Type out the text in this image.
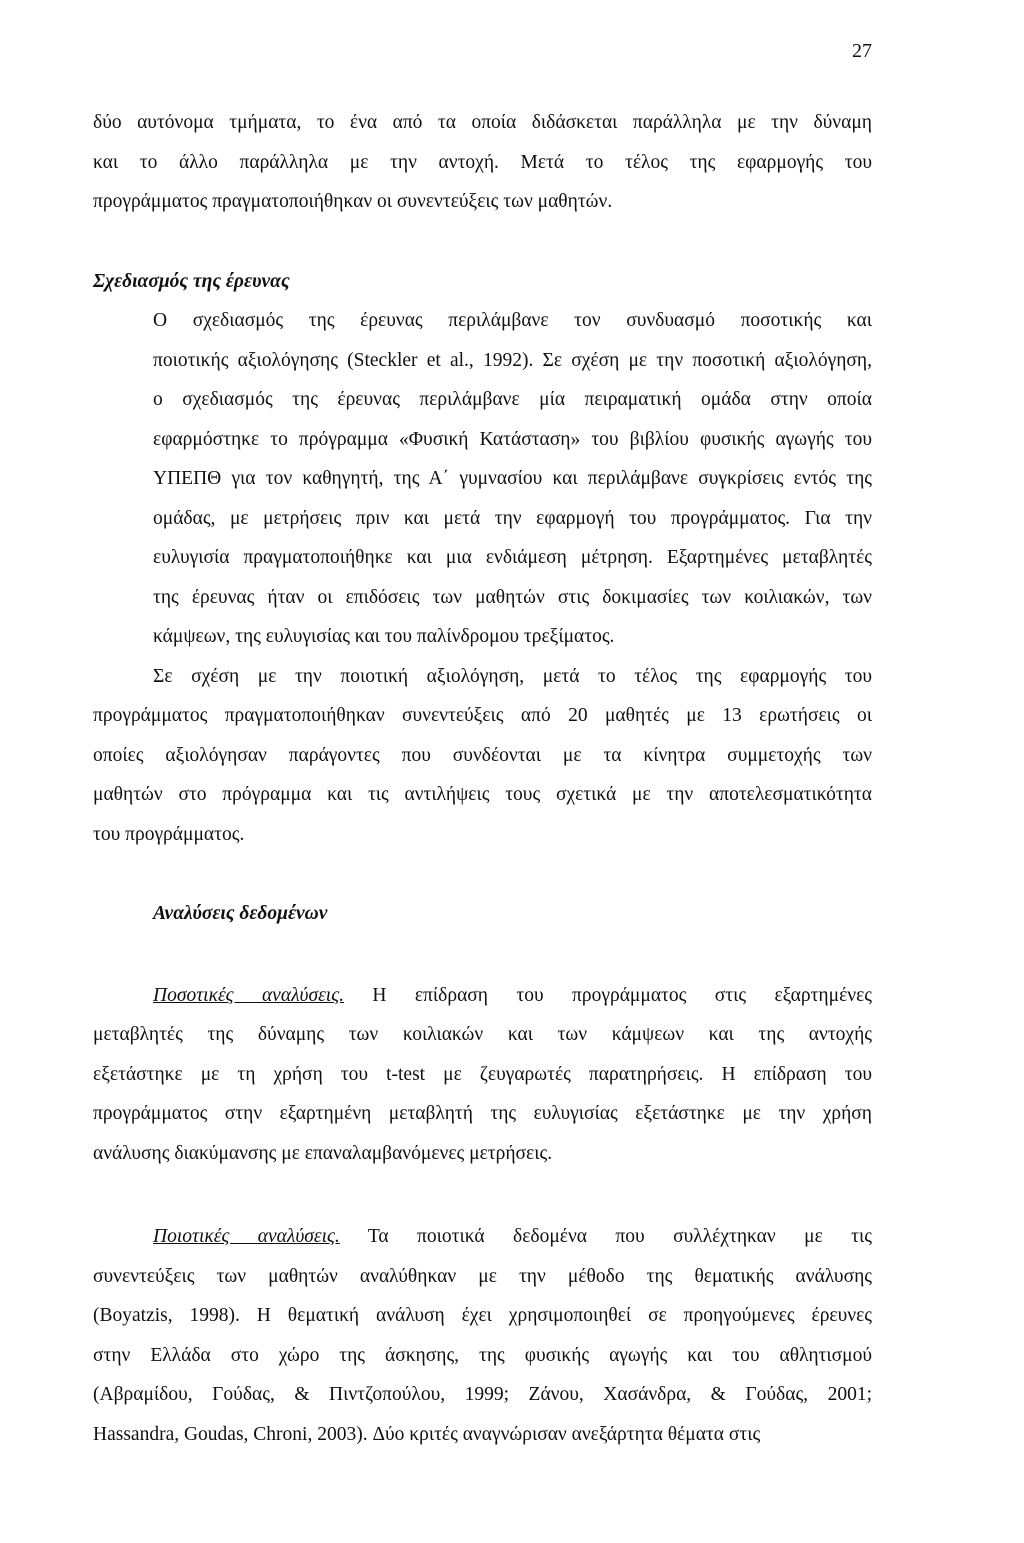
27

δύο αυτόνομα τμήματα, το ένα από τα οποία διδάσκεται παράλληλα με την δύναμη
και το άλλο παράλληλα με την αντοχή. Μετά το τέλος της εφαρμογής του
προγράμματος πραγματοποιήθηκαν οι συνεντεύξεις των μαθητών.

Σχεδιασμός της έρευνας

Ο σχεδιασμός της έρευνας περιλάμβανε τον συνδυασμό ποσοτικής και
ποιοτικής αξιολόγησης (Steckler et al., 1992). Σε σχέση με την ποσοτική αξιολόγηση,
ο σχεδιασμός της έρευνας περιλάμβανε μία πειραματική ομάδα στην οποία
εφαρμόστηκε το πρόγραμμα «Φυσική Κατάσταση» του βιβλίου φυσικής αγωγής του
ΥΠΕΠΘ για τον καθηγητή, της Α΄ γυμνασίου και περιλάμβανε συγκρίσεις εντός της
ομάδας, με μετρήσεις πριν και μετά την εφαρμογή του προγράμματος. Για την
ευλυγισία πραγματοποιήθηκε και μια ενδιάμεση μέτρηση. Εξαρτημένες μεταβλητές
της έρευνας ήταν οι επιδόσεις των μαθητών στις δοκιμασίες των κοιλιακών, των
κάμψεων, της ευλυγισίας και του παλίνδρομου τρεξίματος.

Σε σχέση με την ποιοτική αξιολόγηση, μετά το τέλος της εφαρμογής του
προγράμματος πραγματοποιήθηκαν συνεντεύξεις από 20 μαθητές με 13 ερωτήσεις οι
οποίες αξιολόγησαν παράγοντες που συνδέονται με τα κίνητρα συμμετοχής των
μαθητών στο πρόγραμμα και τις αντιλήψεις τους σχετικά με την αποτελεσματικότητα
του προγράμματος.

Αναλύσεις δεδομένων

Ποσοτικές αναλύσεις. Η επίδραση του προγράμματος στις εξαρτημένες
μεταβλητές της δύναμης των κοιλιακών και των κάμψεων και της αντοχής
εξετάστηκε με τη χρήση του t-test με ζευγαρωτές παρατηρήσεις. Η επίδραση του
προγράμματος στην εξαρτημένη μεταβλητή της ευλυγισίας εξετάστηκε με την χρήση
ανάλυσης διακύμανσης με επαναλαμβανόμενες μετρήσεις.

Ποιοτικές αναλύσεις. Τα ποιοτικά δεδομένα που συλλέχτηκαν με τις
συνεντεύξεις των μαθητών αναλύθηκαν με την μέθοδο της θεματικής ανάλυσης
(Boyatzis, 1998). Η θεματική ανάλυση έχει χρησιμοποιηθεί σε προηγούμενες έρευνες
στην Ελλάδα στο χώρο της άσκησης, της φυσικής αγωγής και του αθλητισμού
(Αβραμίδου, Γούδας, & Πιντζοπούλου, 1999; Ζάνου, Χασάνδρα, & Γούδας, 2001;
Hassandra, Goudas, Chroni, 2003). Δύο κριτές αναγνώρισαν ανεξάρτητα θέματα στις
